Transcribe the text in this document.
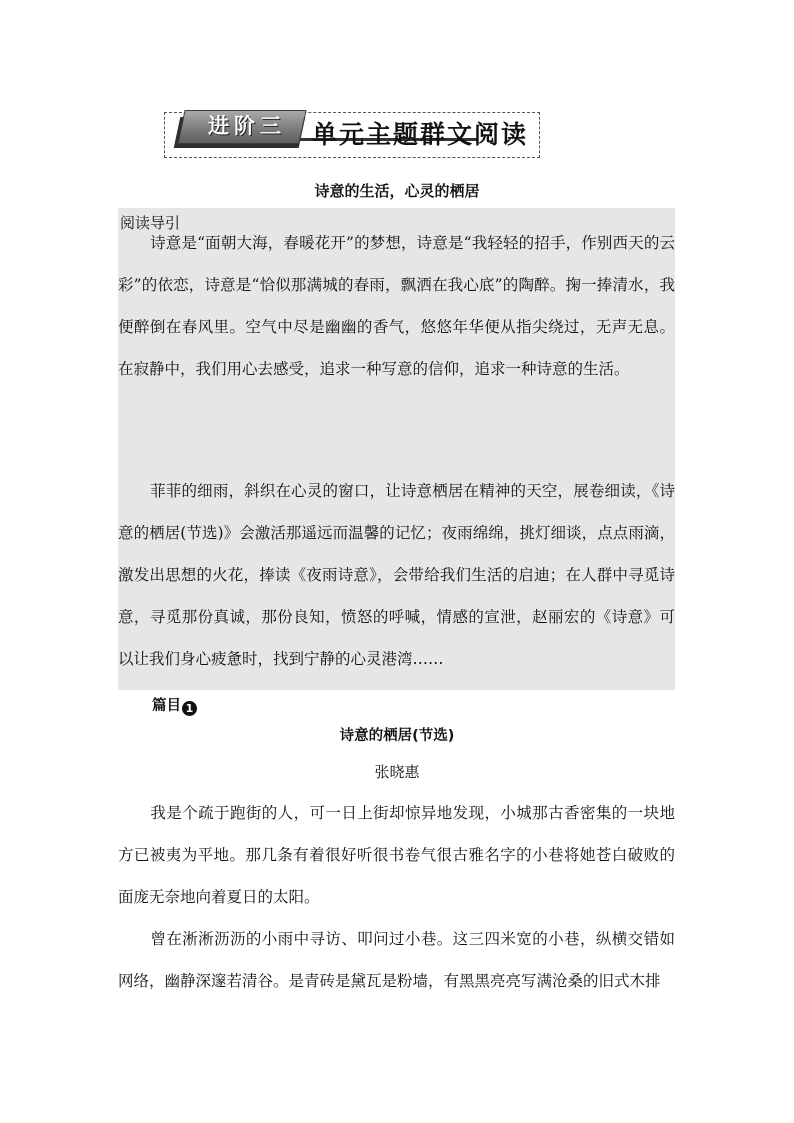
进阶三	单元主题群文阅读
诗意的生活，心灵的栖居
阅读导引

诗意是“面朝大海，春暖花开”的梦想，诗意是“我轻轻的招手，作别西天的云彩”的依恋，诗意是“恰似那满城的春雨，飘洒在我心底”的陶醉。掬一捧清水，我便醉倒在春风里。空气中尽是幽幽的香气，悠悠年华便从指尖绕过，无声无息。在寂静中，我们用心去感受，追求一种写意的信仰，追求一种诗意的生活。

菲菲的细雨，斜织在心灵的窗口，让诗意栖居在精神的天空，展卷细读，《诗意的栖居(节选)》会激活那遥远而温馨的记忆；夜雨绵绵，挑灯细谈，点点雨滴，激发出思想的火花，捧读《夜雨诗意》，会带给我们生活的启迪；在人群中寻觅诗意，寻觅那份真诚，那份良知，愤怒的呼喊，情感的宣泄，赵丽宏的《诗意》可以让我们身心疲惫时，找到宁静的心灵港湾……

篇目 1
诗意的栖居(节选)
张晓惠

我是个疏于跑街的人，可一日上街却惊异地发现，小城那古香密集的一块地方已被夷为平地。那几条有着很好听很书卷气很古雅名字的小巷将她苍白破败的面庞无奈地向着夏日的太阳。

曾在淅淅沥沥的小雨中寻访、叩问过小巷。这三四米宽的小巷，纵横交错如网络，幽静深邃若清谷。是青砖是黛瓦是粉墙，有黑黑亮亮写满沧桑的旧式木排
